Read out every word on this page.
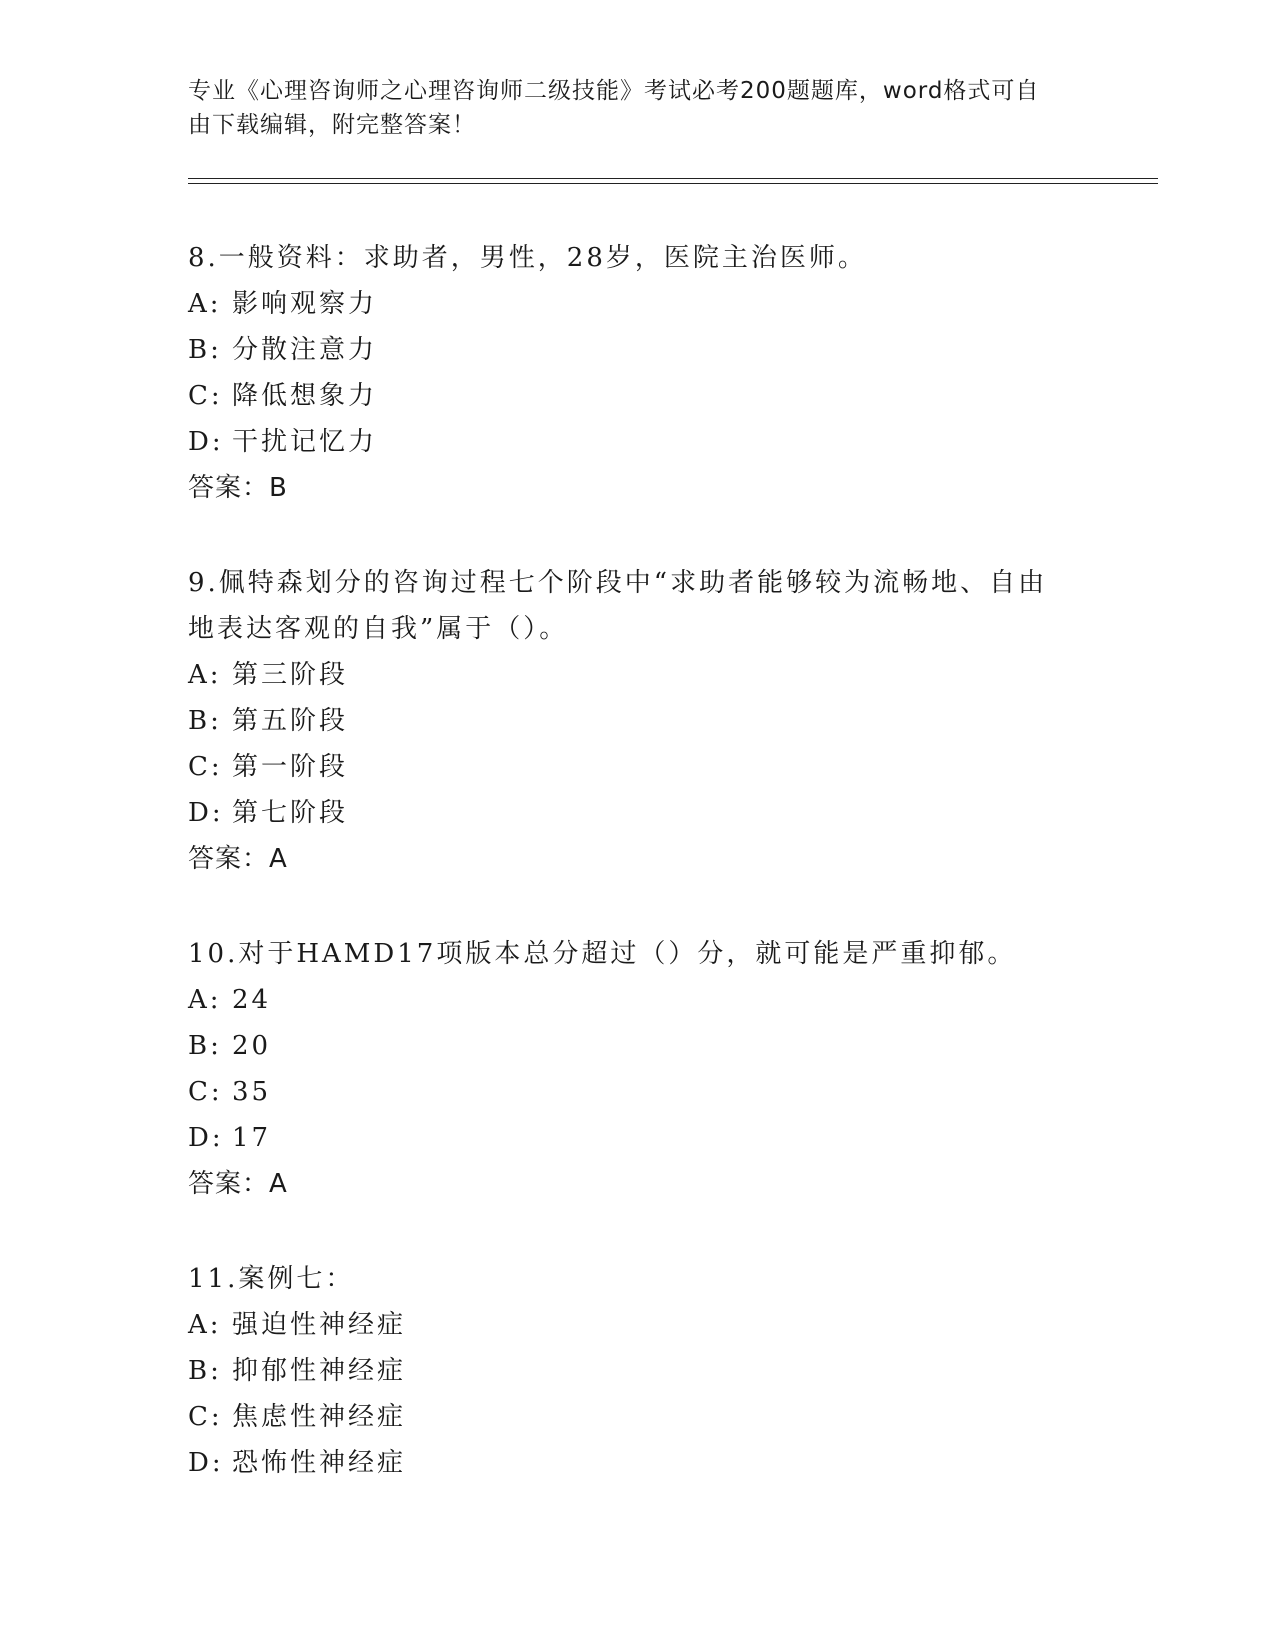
专业《心理咨询师之心理咨询师二级技能》考试必考200题题库，word格式可自
由下载编辑，附完整答案！
8.一般资料：求助者，男性，28岁，医院主治医师。
A: 影响观察力
B: 分散注意力
C: 降低想象力
D: 干扰记忆力
答案：B
9.佩特森划分的咨询过程七个阶段中“求助者能够较为流畅地、自由
地表达客观的自我”属于（）。
A: 第三阶段
B: 第五阶段
C: 第一阶段
D: 第七阶段
答案：A
10.对于HAMD17项版本总分超过（）分，就可能是严重抑郁。
A: 24
B: 20
C: 35
D: 17
答案：A
11.案例七：
A: 强迫性神经症
B: 抑郁性神经症
C: 焦虑性神经症
D: 恐怖性神经症
